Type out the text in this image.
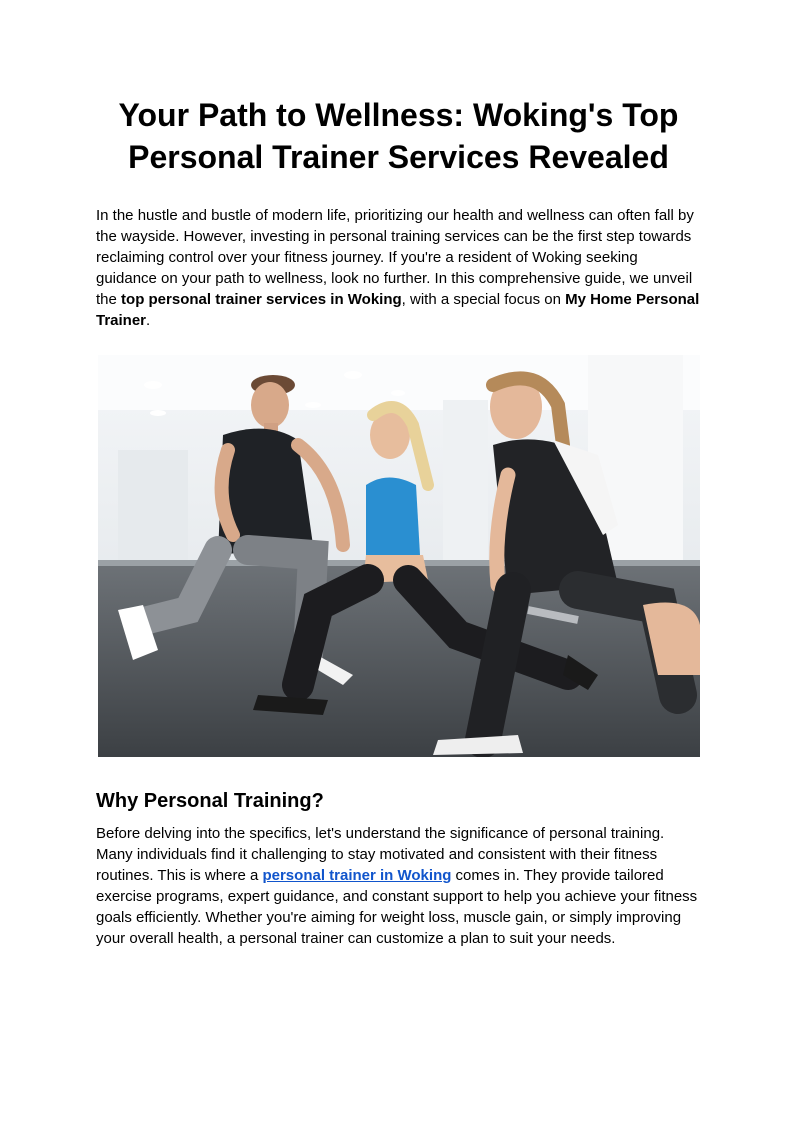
Your Path to Wellness: Woking's Top Personal Trainer Services Revealed

In the hustle and bustle of modern life, prioritizing our health and wellness can often fall by the wayside. However, investing in personal training services can be the first step towards reclaiming control over your fitness journey. If you're a resident of Woking seeking guidance on your path to wellness, look no further. In this comprehensive guide, we unveil the top personal trainer services in Woking, with a special focus on My Home Personal Trainer.

Why Personal Training?

Before delving into the specifics, let's understand the significance of personal training. Many individuals find it challenging to stay motivated and consistent with their fitness routines. This is where a personal trainer in Woking comes in. They provide tailored exercise programs, expert guidance, and constant support to help you achieve your fitness goals efficiently. Whether you're aiming for weight loss, muscle gain, or simply improving your overall health, a personal trainer can customize a plan to suit your needs.
